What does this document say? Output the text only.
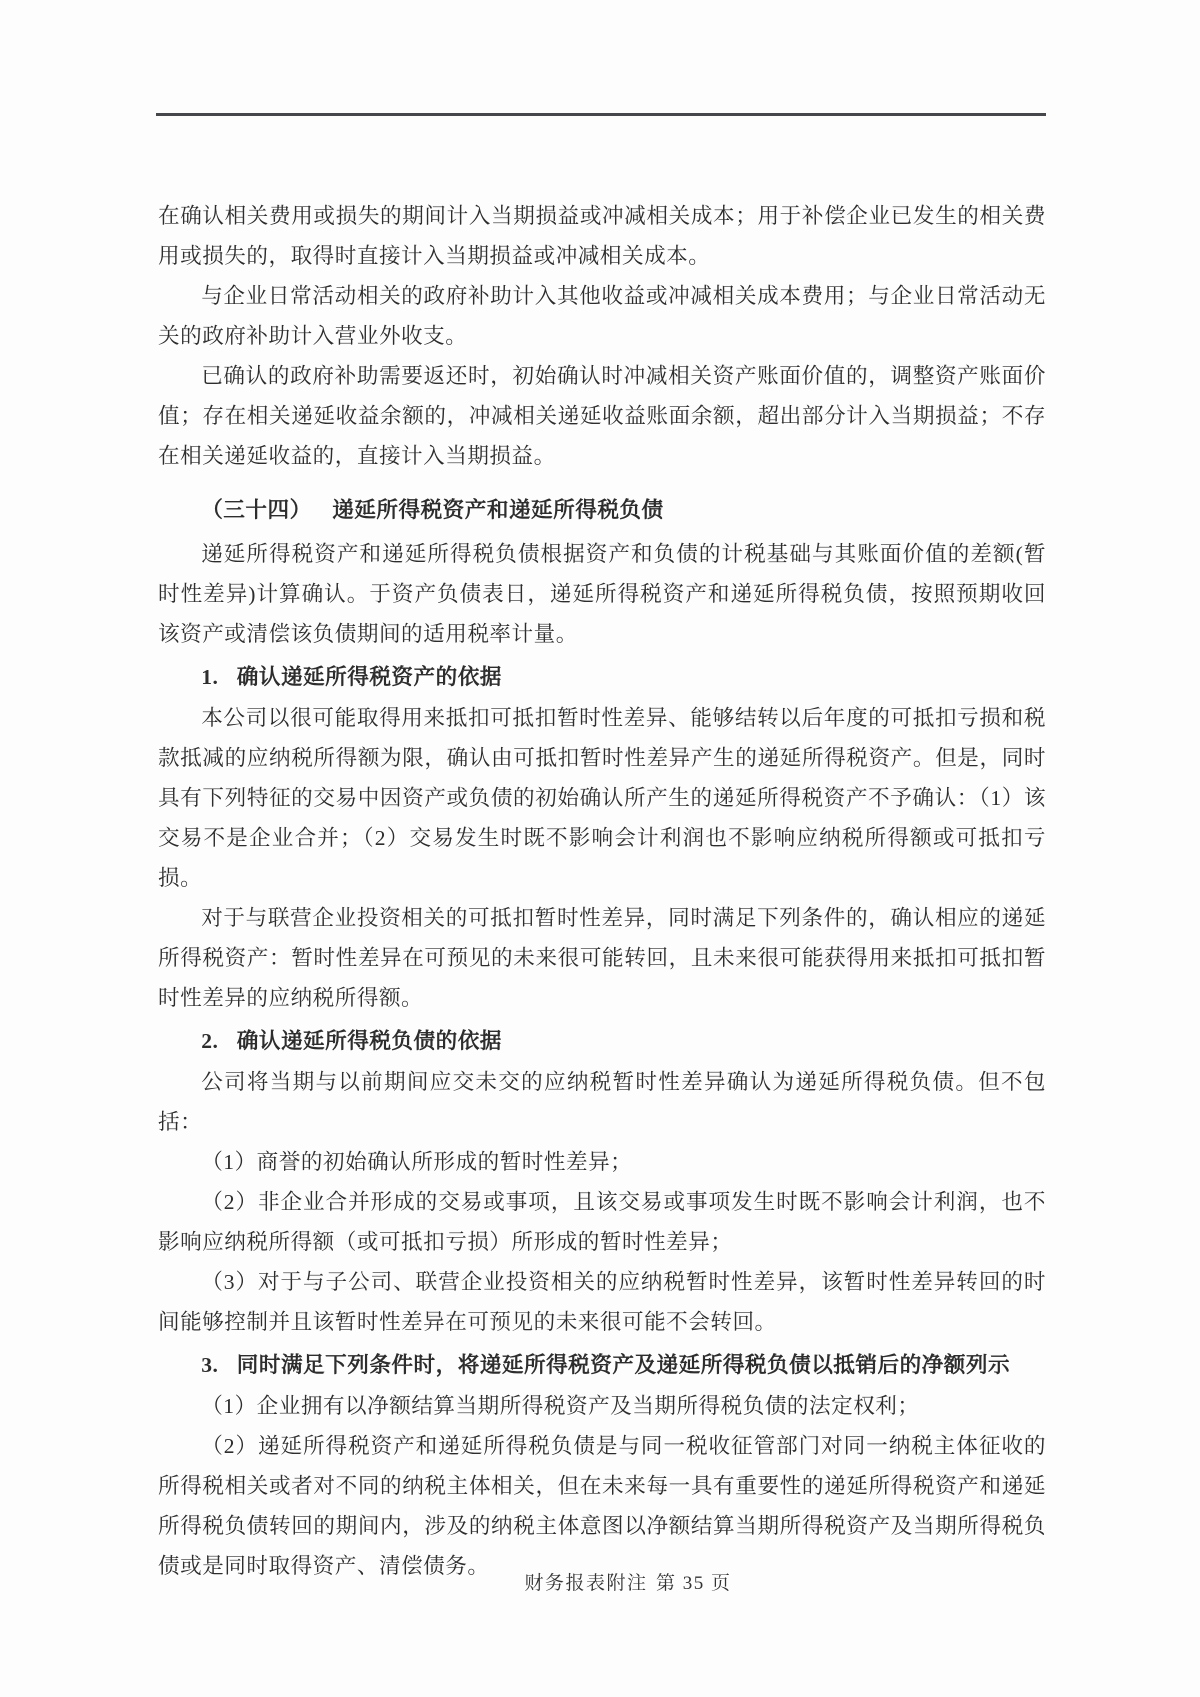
在确认相关费用或损失的期间计入当期损益或冲减相关成本；用于补偿企业已发生的相关费用或损失的，取得时直接计入当期损益或冲减相关成本。

与企业日常活动相关的政府补助计入其他收益或冲减相关成本费用；与企业日常活动无关的政府补助计入营业外收支。

已确认的政府补助需要返还时，初始确认时冲减相关资产账面价值的，调整资产账面价值；存在相关递延收益余额的，冲减相关递延收益账面余额，超出部分计入当期损益；不存在相关递延收益的，直接计入当期损益。

（三十四） 递延所得税资产和递延所得税负债

递延所得税资产和递延所得税负债根据资产和负债的计税基础与其账面价值的差额(暂时性差异)计算确认。于资产负债表日，递延所得税资产和递延所得税负债，按照预期收回该资产或清偿该负债期间的适用税率计量。

1. 确认递延所得税资产的依据

本公司以很可能取得用来抵扣可抵扣暂时性差异、能够结转以后年度的可抵扣亏损和税款抵减的应纳税所得额为限，确认由可抵扣暂时性差异产生的递延所得税资产。但是，同时具有下列特征的交易中因资产或负债的初始确认所产生的递延所得税资产不予确认：（1）该交易不是企业合并；（2）交易发生时既不影响会计利润也不影响应纳税所得额或可抵扣亏损。

对于与联营企业投资相关的可抵扣暂时性差异，同时满足下列条件的，确认相应的递延所得税资产：暂时性差异在可预见的未来很可能转回，且未来很可能获得用来抵扣可抵扣暂时性差异的应纳税所得额。

2. 确认递延所得税负债的依据

公司将当期与以前期间应交未交的应纳税暂时性差异确认为递延所得税负债。但不包括：

（1）商誉的初始确认所形成的暂时性差异；

（2）非企业合并形成的交易或事项，且该交易或事项发生时既不影响会计利润，也不影响应纳税所得额（或可抵扣亏损）所形成的暂时性差异；

（3）对于与子公司、联营企业投资相关的应纳税暂时性差异，该暂时性差异转回的时间能够控制并且该暂时性差异在可预见的未来很可能不会转回。

3. 同时满足下列条件时，将递延所得税资产及递延所得税负债以抵销后的净额列示

（1）企业拥有以净额结算当期所得税资产及当期所得税负债的法定权利；

（2）递延所得税资产和递延所得税负债是与同一税收征管部门对同一纳税主体征收的所得税相关或者对不同的纳税主体相关，但在未来每一具有重要性的递延所得税资产和递延所得税负债转回的期间内，涉及的纳税主体意图以净额结算当期所得税资产及当期所得税负债或是同时取得资产、清偿债务。

财务报表附注 第 35 页
